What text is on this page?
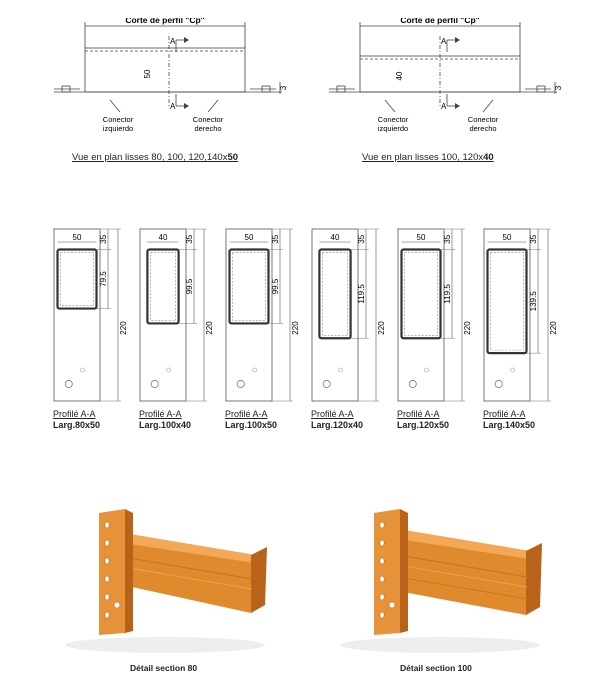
Corte de perfil "Cp"
50
A
A
3
Conector
izquierdo
Conector
derecho
Vue en plan lisses 80, 100, 120,140x50
Corte de perfil "Cp"
40
A
A
3
Conector
izquierdo
Conector
derecho
Vue en plan lisses 100, 120x40
50 35
79.5
220
Profilé A-A
Larg.80x50
40 35
99.5
220
Profilé A-A
Larg.100x40
50 35
99.5
220
Profilé A-A
Larg.100x50
40 35
119.5
220
Profilé A-A
Larg.120x40
50 35
119.5
220
Profilé A-A
Larg.120x50
50 35
139.5
220
Profilé A-A
Larg.140x50
Détail section 80	Détail section 100
